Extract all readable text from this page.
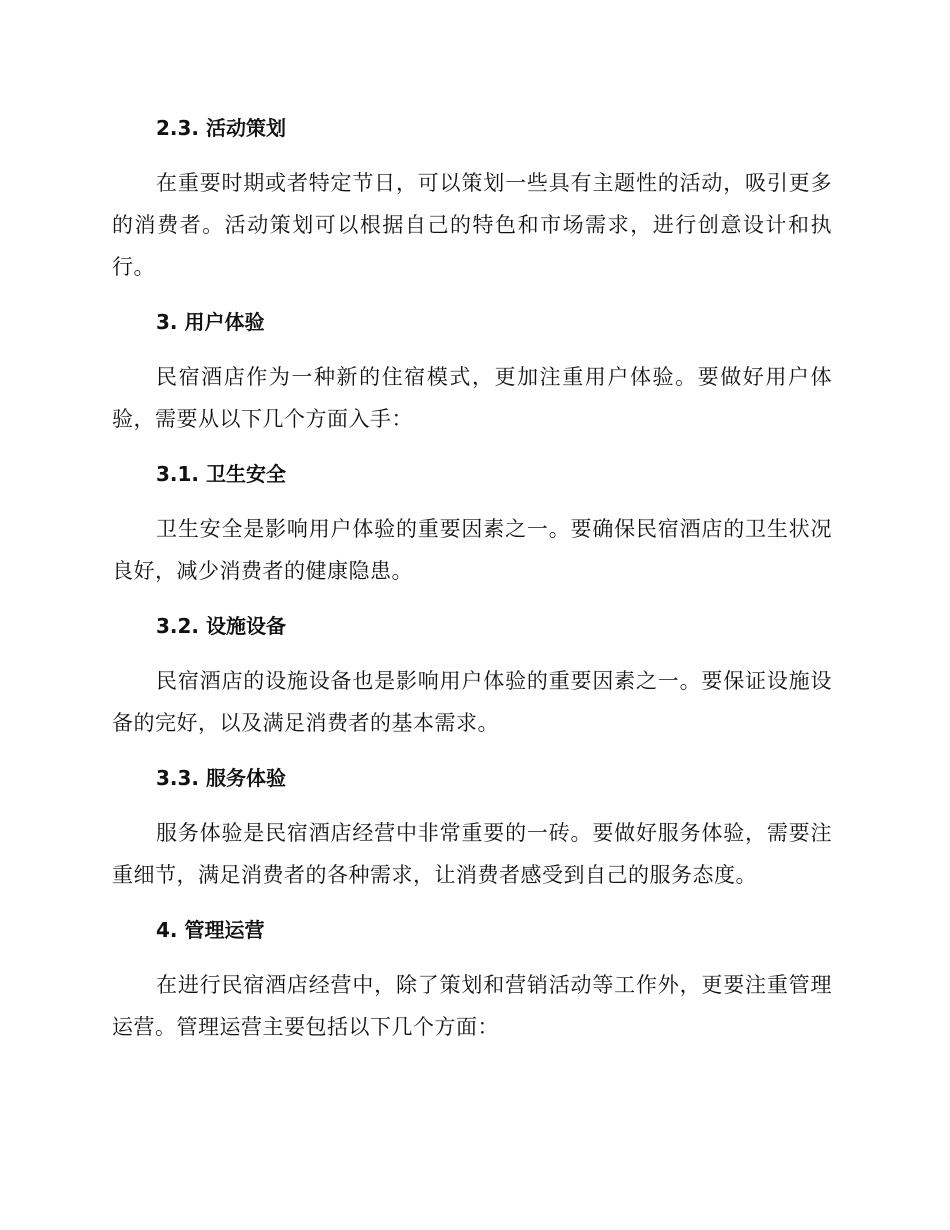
2.3. 活动策划

在重要时期或者特定节日，可以策划一些具有主题性的活动，吸引更多的消费者。活动策划可以根据自己的特色和市场需求，进行创意设计和执行。

3. 用户体验

民宿酒店作为一种新的住宿模式，更加注重用户体验。要做好用户体验，需要从以下几个方面入手：

3.1. 卫生安全

卫生安全是影响用户体验的重要因素之一。要确保民宿酒店的卫生状况良好，减少消费者的健康隐患。

3.2. 设施设备

民宿酒店的设施设备也是影响用户体验的重要因素之一。要保证设施设备的完好，以及满足消费者的基本需求。

3.3. 服务体验

服务体验是民宿酒店经营中非常重要的一砖。要做好服务体验，需要注重细节，满足消费者的各种需求，让消费者感受到自己的服务态度。

4. 管理运营

在进行民宿酒店经营中，除了策划和营销活动等工作外，更要注重管理运营。管理运营主要包括以下几个方面：
